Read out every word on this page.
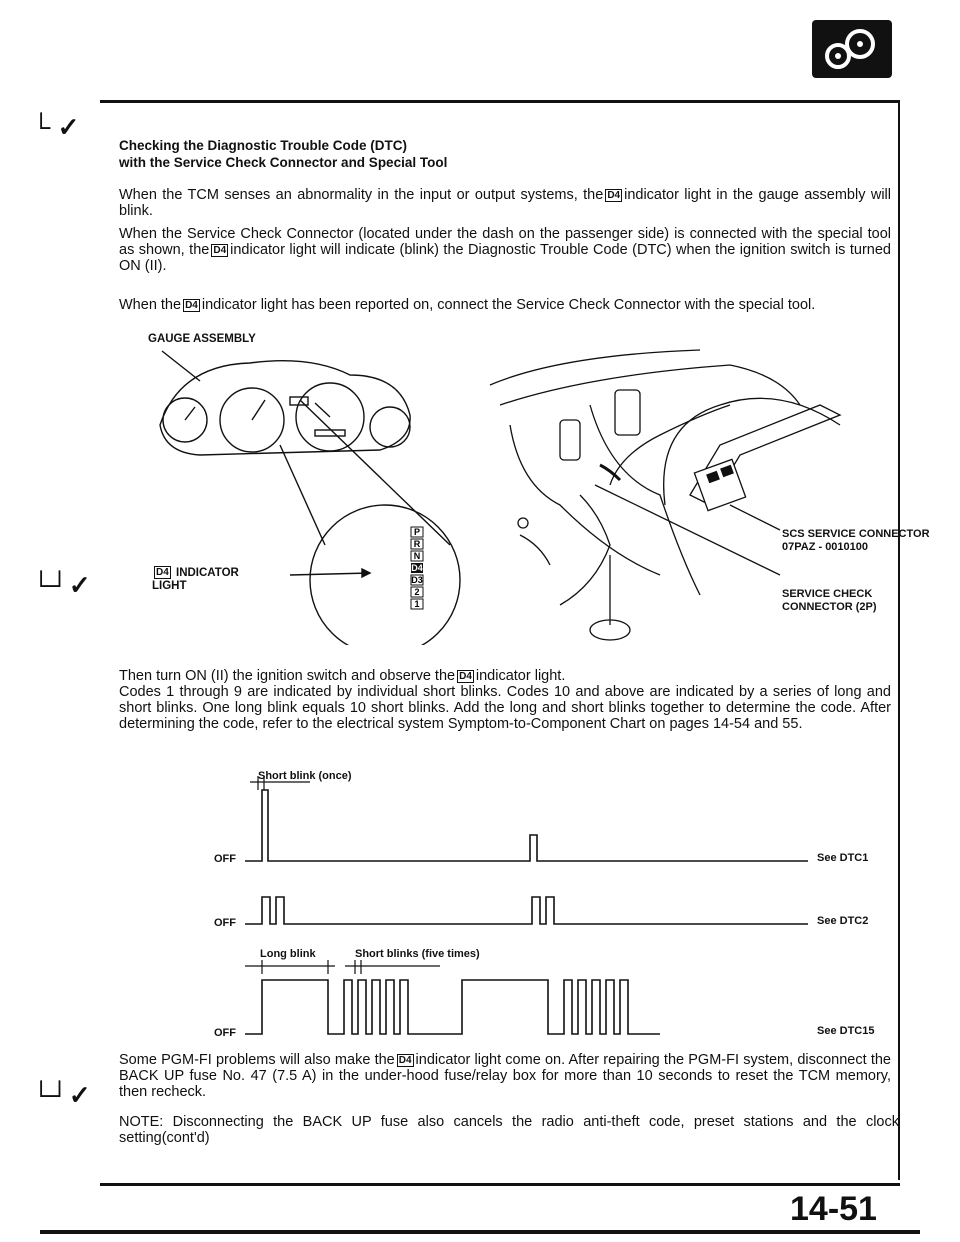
└ ✓
└┘✓
└┘✓
Checking the Diagnostic Trouble Code (DTC)
with the Service Check Connector and Special Tool
When the TCM senses an abnormality in the input or output systems, the D4 indicator light in the gauge assembly will blink.
When the Service Check Connector (located under the dash on the passenger side) is connected with the special tool as shown, the D4 indicator light will indicate (blink) the Diagnostic Trouble Code (DTC) when the ignition switch is turned ON (II).
When the D4 indicator light has been reported on, connect the Service Check Connector with the special tool.
GAUGE ASSEMBLY
P
R
N
D4
D3
2
1
D4 INDICATOR
LIGHT
SCS SERVICE CONNECTOR
07PAZ - 0010100
SERVICE CHECK
CONNECTOR (2P)
Then turn ON (II) the ignition switch and observe the D4 indicator light.
Codes 1 through 9 are indicated by individual short blinks. Codes 10 and above are indicated by a series of long and short blinks. One long blink equals 10 short blinks. Add the long and short blinks together to determine the code. After determining the code, refer to the electrical system Symptom-to-Component Chart on pages 14-54 and 55.
Short blink (once)
OFF
OFF
OFF
See DTC1
See DTC2
See DTC15
Long blink	Short blinks (five times)
Some PGM-FI problems will also make the D4 indicator light come on. After repairing the PGM-FI system, disconnect the BACK UP fuse No. 47 (7.5 A) in the under-hood fuse/relay box for more than 10 seconds to reset the TCM memory, then recheck.
NOTE: Disconnecting the BACK UP fuse also cancels the radio anti-theft code, preset stations and the clock setting(cont'd)
14-51
